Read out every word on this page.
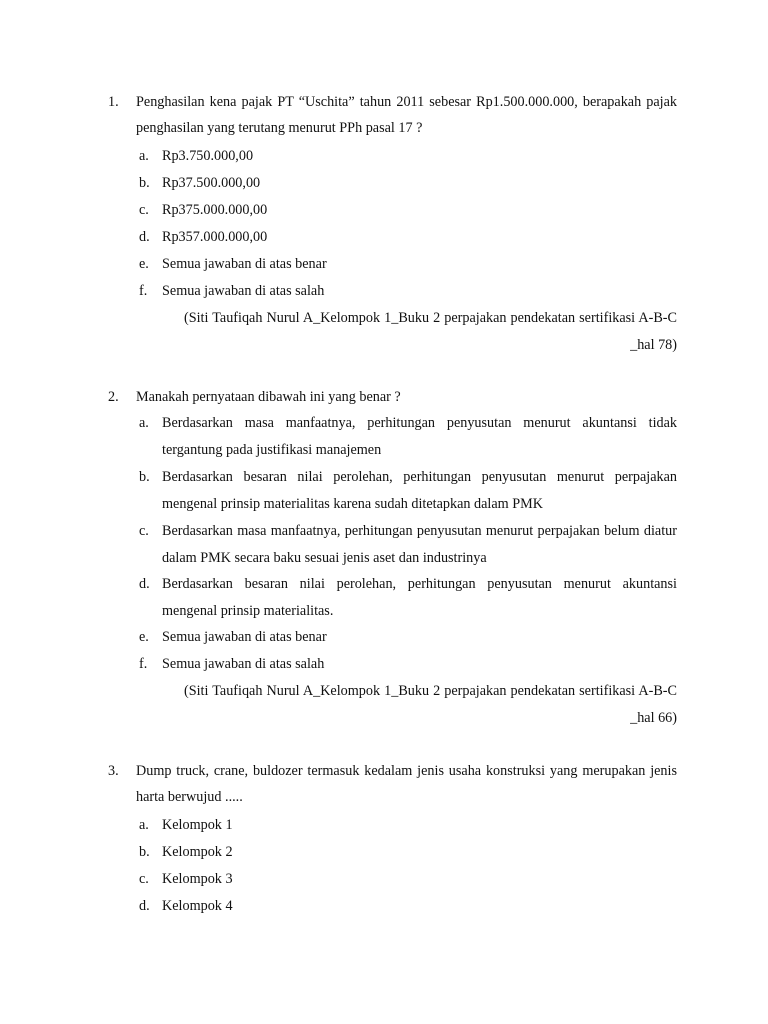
1. Penghasilan kena pajak PT “Uschita” tahun 2011 sebesar Rp1.500.000.000, berapakah pajak penghasilan yang terutang menurut PPh pasal 17 ?
a. Rp3.750.000,00
b. Rp37.500.000,00
c. Rp375.000.000,00
d. Rp357.000.000,00
e. Semua jawaban di atas benar
f. Semua jawaban di atas salah
(Siti Taufiqah Nurul A_Kelompok 1_Buku 2 perpajakan pendekatan sertifikasi A-B-C _hal 78)
2. Manakah pernyataan dibawah ini yang benar ?
a. Berdasarkan masa manfaatnya, perhitungan penyusutan menurut akuntansi tidak tergantung pada justifikasi manajemen
b. Berdasarkan besaran nilai perolehan, perhitungan penyusutan menurut perpajakan mengenal prinsip materialitas karena sudah ditetapkan dalam PMK
c. Berdasarkan masa manfaatnya, perhitungan penyusutan menurut perpajakan belum diatur dalam PMK secara baku sesuai jenis aset dan industrinya
d. Berdasarkan besaran nilai perolehan, perhitungan penyusutan menurut akuntansi mengenal prinsip materialitas.
e. Semua jawaban di atas benar
f. Semua jawaban di atas salah
(Siti Taufiqah Nurul A_Kelompok 1_Buku 2 perpajakan pendekatan sertifikasi A-B-C _hal 66)
3. Dump truck, crane, buldozer termasuk kedalam jenis usaha konstruksi yang merupakan jenis harta berwujud .....
a. Kelompok 1
b. Kelompok 2
c. Kelompok 3
d. Kelompok 4
